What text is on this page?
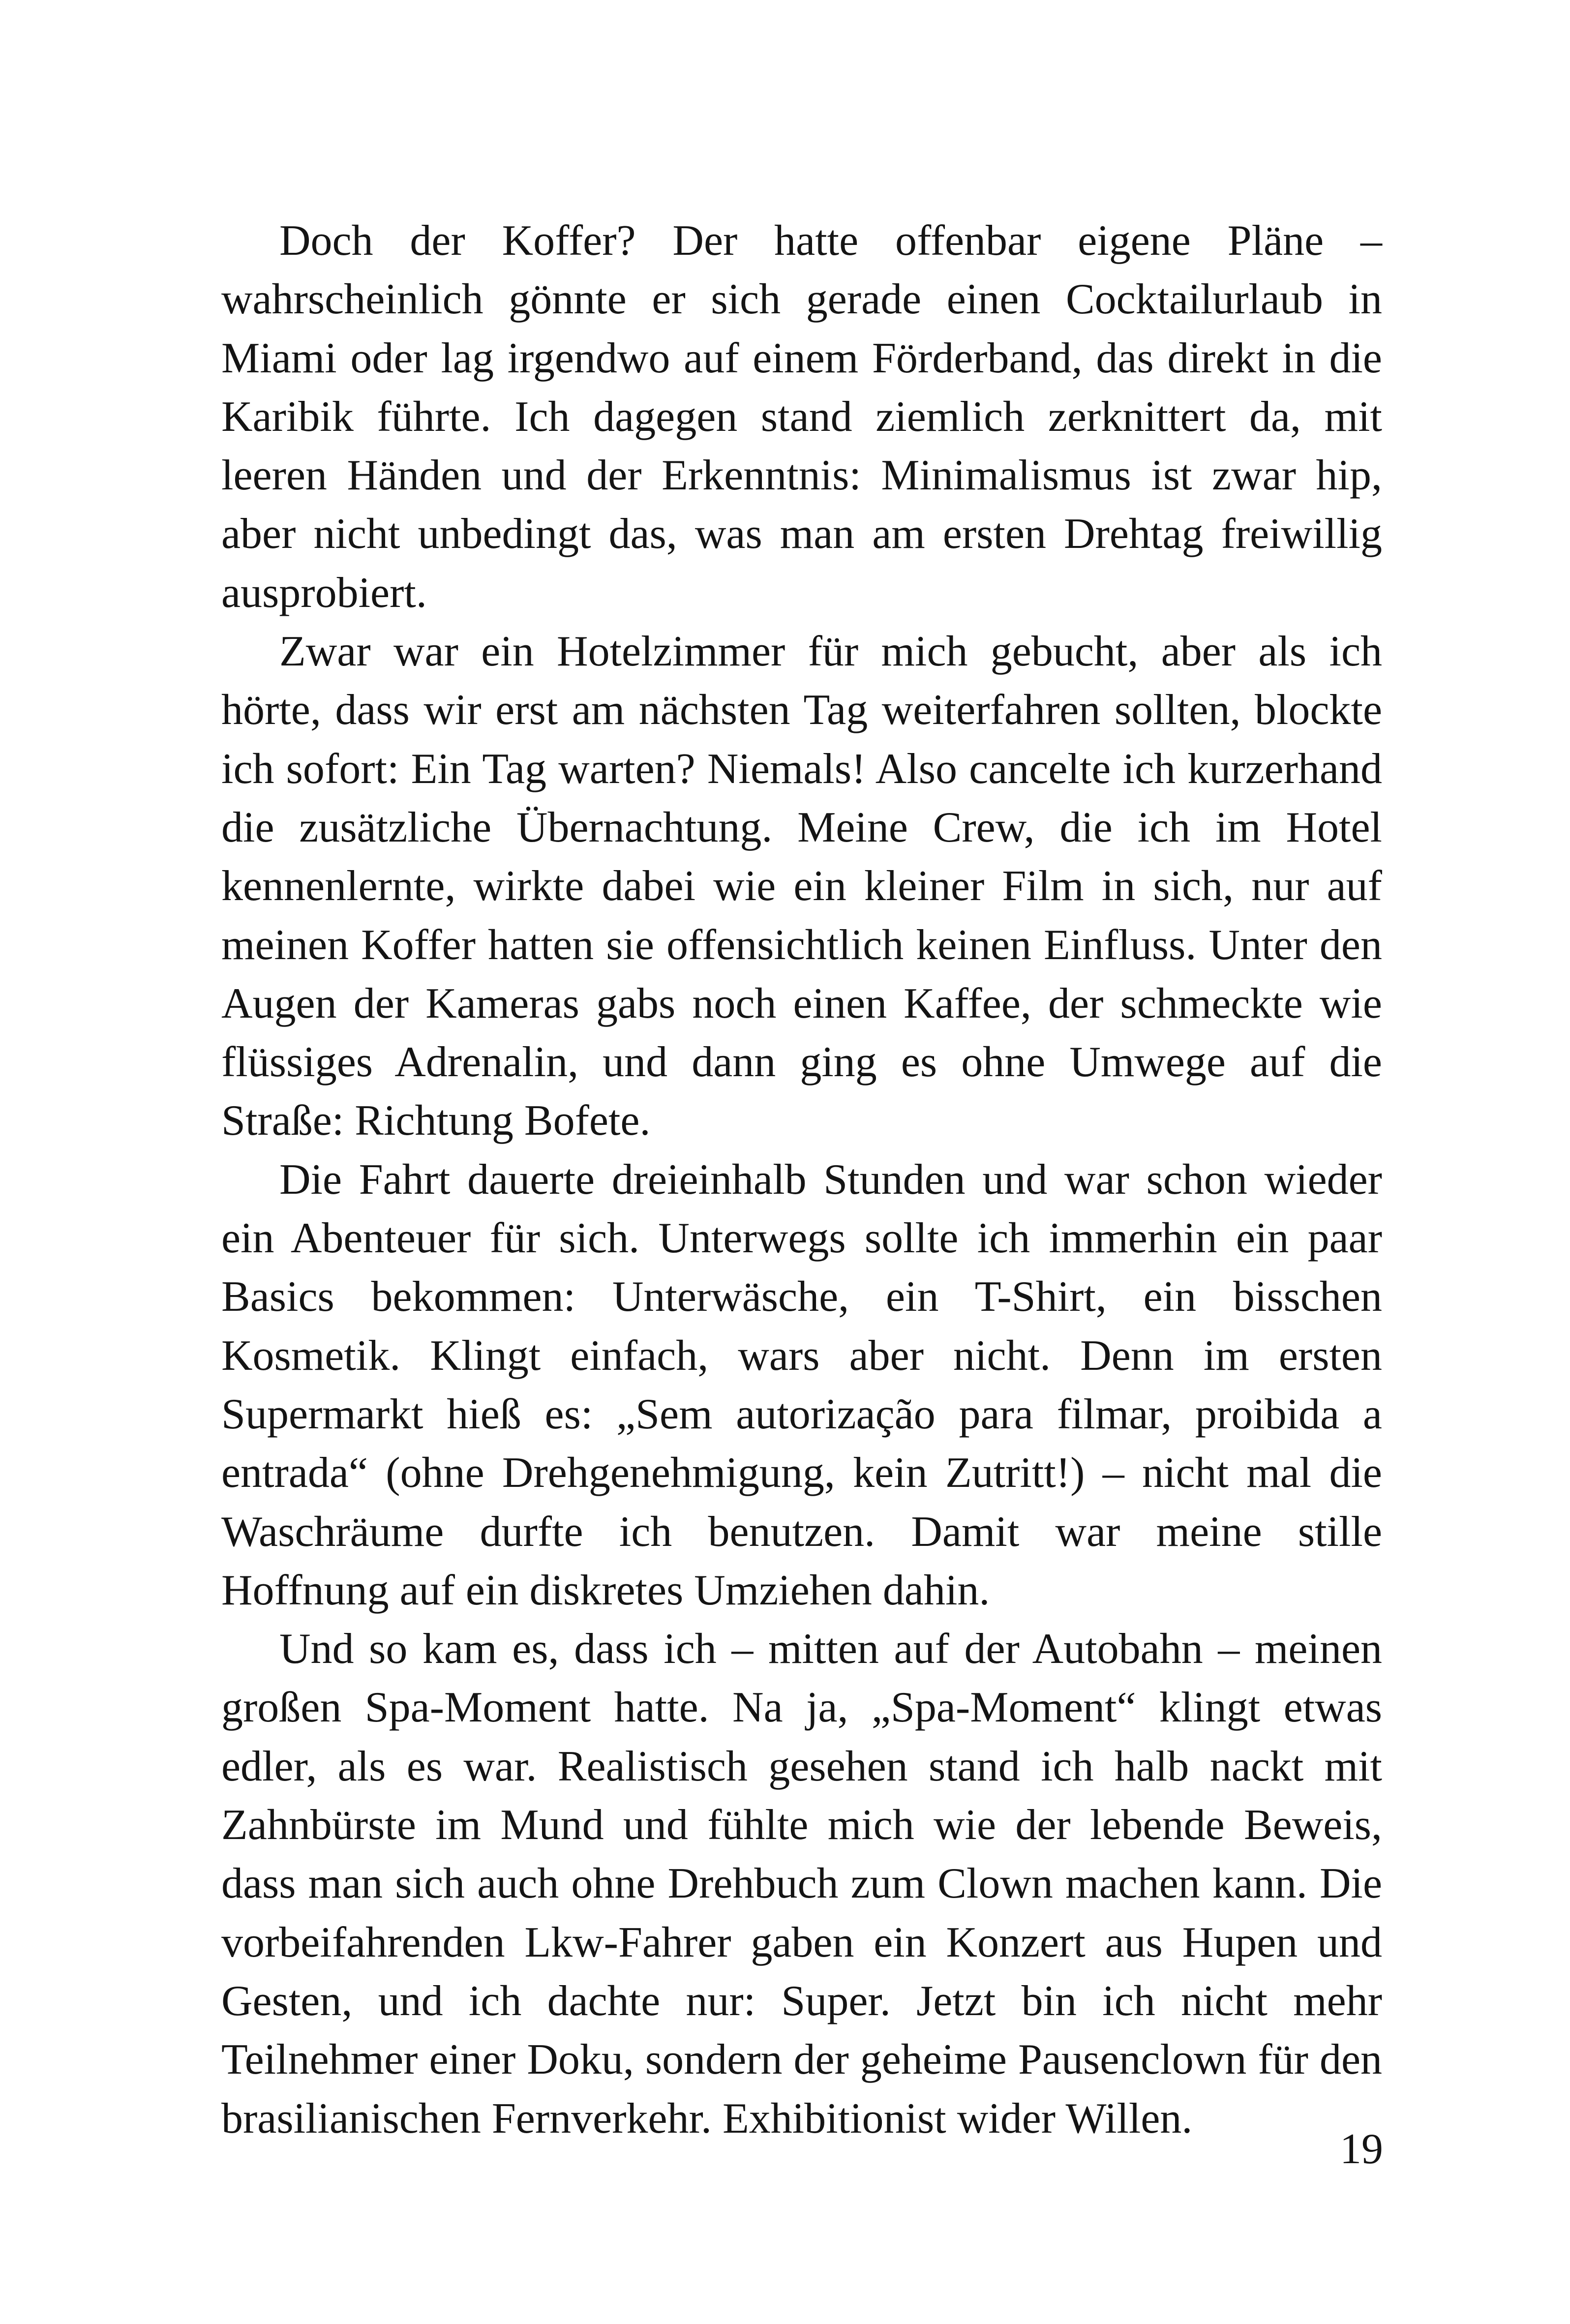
Doch der Koffer? Der hatte offenbar eigene Pläne – wahrscheinlich gönnte er sich gerade einen Cocktailurlaub in Miami oder lag irgendwo auf einem Förderband, das direkt in die Karibik führte. Ich dagegen stand ziemlich zerknittert da, mit leeren Händen und der Erkenntnis: Minimalismus ist zwar hip, aber nicht unbedingt das, was man am ersten Drehtag freiwillig ausprobiert.

Zwar war ein Hotelzimmer für mich gebucht, aber als ich hörte, dass wir erst am nächsten Tag weiterfahren sollten, blockte ich sofort: Ein Tag warten? Niemals! Also cancelte ich kurzerhand die zusätzliche Übernachtung. Meine Crew, die ich im Hotel kennenlernte, wirkte dabei wie ein kleiner Film in sich, nur auf meinen Koffer hatten sie offensichtlich keinen Einfluss. Unter den Augen der Kameras gabs noch einen Kaffee, der schmeckte wie flüssiges Adrenalin, und dann ging es ohne Umwege auf die Straße: Richtung Bofete.

Die Fahrt dauerte dreieinhalb Stunden und war schon wieder ein Abenteuer für sich. Unterwegs sollte ich immerhin ein paar Basics bekommen: Unterwäsche, ein T-Shirt, ein bisschen Kosmetik. Klingt einfach, wars aber nicht. Denn im ersten Supermarkt hieß es: „Sem autorização para filmar, proibida a entrada“ (ohne Drehgenehmigung, kein Zutritt!) – nicht mal die Waschräume durfte ich benutzen. Damit war meine stille Hoffnung auf ein diskretes Umziehen dahin.

Und so kam es, dass ich – mitten auf der Autobahn – meinen großen Spa-Moment hatte. Na ja, „Spa-Moment“ klingt etwas edler, als es war. Realistisch gesehen stand ich halb nackt mit Zahnbürste im Mund und fühlte mich wie der lebende Beweis, dass man sich auch ohne Drehbuch zum Clown machen kann. Die vorbeifahrenden Lkw-Fahrer gaben ein Konzert aus Hupen und Gesten, und ich dachte nur: Super. Jetzt bin ich nicht mehr Teilnehmer einer Doku, sondern der geheime Pausenclown für den brasilianischen Fernverkehr. Exhibitionist wider Willen.

19
